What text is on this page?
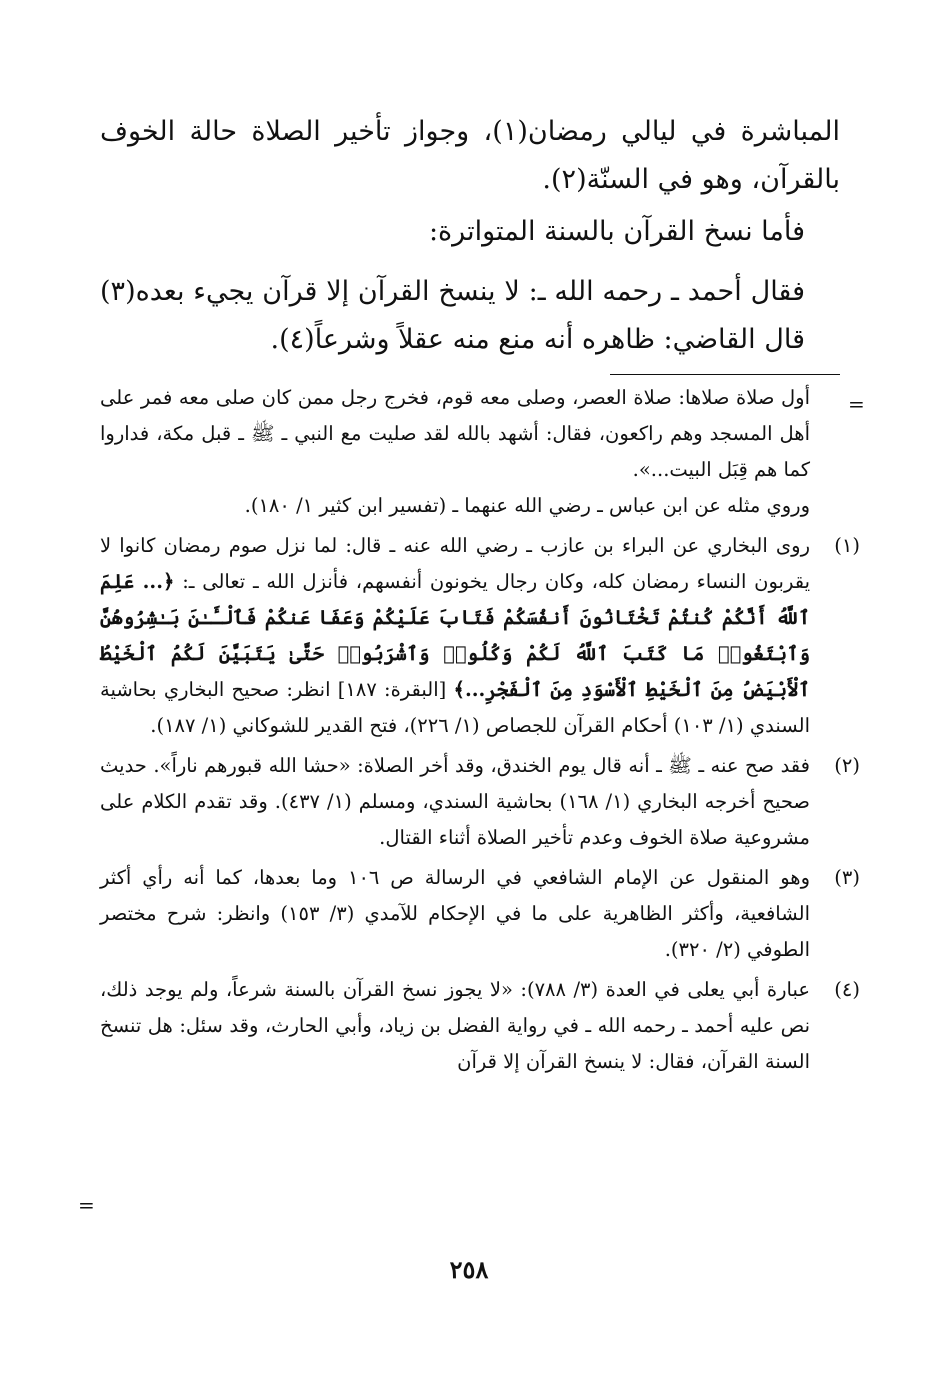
المباشرة في ليالي رمضان(١)، وجواز تأخير الصلاة حالة الخوف بالقرآن، وهو في السنّة(٢).

فأما نسخ القرآن بالسنة المتواترة:

فقال أحمد ـ رحمه الله ـ: لا ينسخ القرآن إلا قرآن يجيء بعده(٣) قال القاضي: ظاهره أنه منع منه عقلاً وشرعاً(٤).

=
أول صلاة صلاها: صلاة العصر، وصلى معه قوم، فخرج رجل ممن كان صلى معه فمر على أهل المسجد وهم راكعون، فقال: أشهد بالله لقد صليت مع النبي ـ ﷺ ـ قبل مكة، فداروا كما هم قِبَل البيت...».
وروي مثله عن ابن عباس ـ رضي الله عنهما ـ (تفسير ابن كثير ١/ ١٨٠).
(١)
روى البخاري عن البراء بن عازب ـ رضي الله عنه ـ قال: لما نزل صوم رمضان كانوا لا يقربون النساء رمضان كله، وكان رجال يخونون أنفسهم، فأنزل الله ـ تعالى ـ: ﴿... عَلِمَ ٱللَّهُ أَنَّكُمْ كُنتُمْ تَخْتَانُونَ أَنفُسَكُمْ فَتَابَ عَلَيْكُمْ وَعَفَا عَنكُمْ فَٱلْـَٔـٰنَ بَـٰشِرُوهُنَّ وَٱبْتَغُوا۟ مَا كَتَبَ ٱللَّهُ لَكُمْ وَكُلُوا۟ وَٱشْرَبُوا۟ حَتَّىٰ يَتَبَيَّنَ لَكُمُ ٱلْخَيْطُ ٱلْأَبْيَضُ مِنَ ٱلْخَيْطِ ٱلْأَسْوَدِ مِنَ ٱلْفَجْرِ...﴾ [البقرة: ١٨٧] انظر: صحيح البخاري بحاشية السندي (١/ ١٠٣) أحكام القرآن للجصاص (١/ ٢٢٦)، فتح القدير للشوكاني (١/ ١٨٧).
(٢)
فقد صح عنه ـ ﷺ ـ أنه قال يوم الخندق، وقد أخر الصلاة: «حشا الله قبورهم ناراً». حديث صحيح أخرجه البخاري (١/ ١٦٨) بحاشية السندي، ومسلم (١/ ٤٣٧). وقد تقدم الكلام على مشروعية صلاة الخوف وعدم تأخير الصلاة أثناء القتال.
(٣)
وهو المنقول عن الإمام الشافعي في الرسالة ص ١٠٦ وما بعدها، كما أنه رأي أكثر الشافعية، وأكثر الظاهرية على ما في الإحكام للآمدي (٣/ ١٥٣) وانظر: شرح مختصر الطوفي (٢/ ٣٢٠).
(٤)
عبارة أبي يعلى في العدة (٣/ ٧٨٨): «لا يجوز نسخ القرآن بالسنة شرعاً، ولم يوجد ذلك، نص عليه أحمد ـ رحمه الله ـ في رواية الفضل بن زياد، وأبي الحارث، وقد سئل: هل تنسخ السنة القرآن، فقال: لا ينسخ القرآن إلا قرآن
=
٢٥٨
